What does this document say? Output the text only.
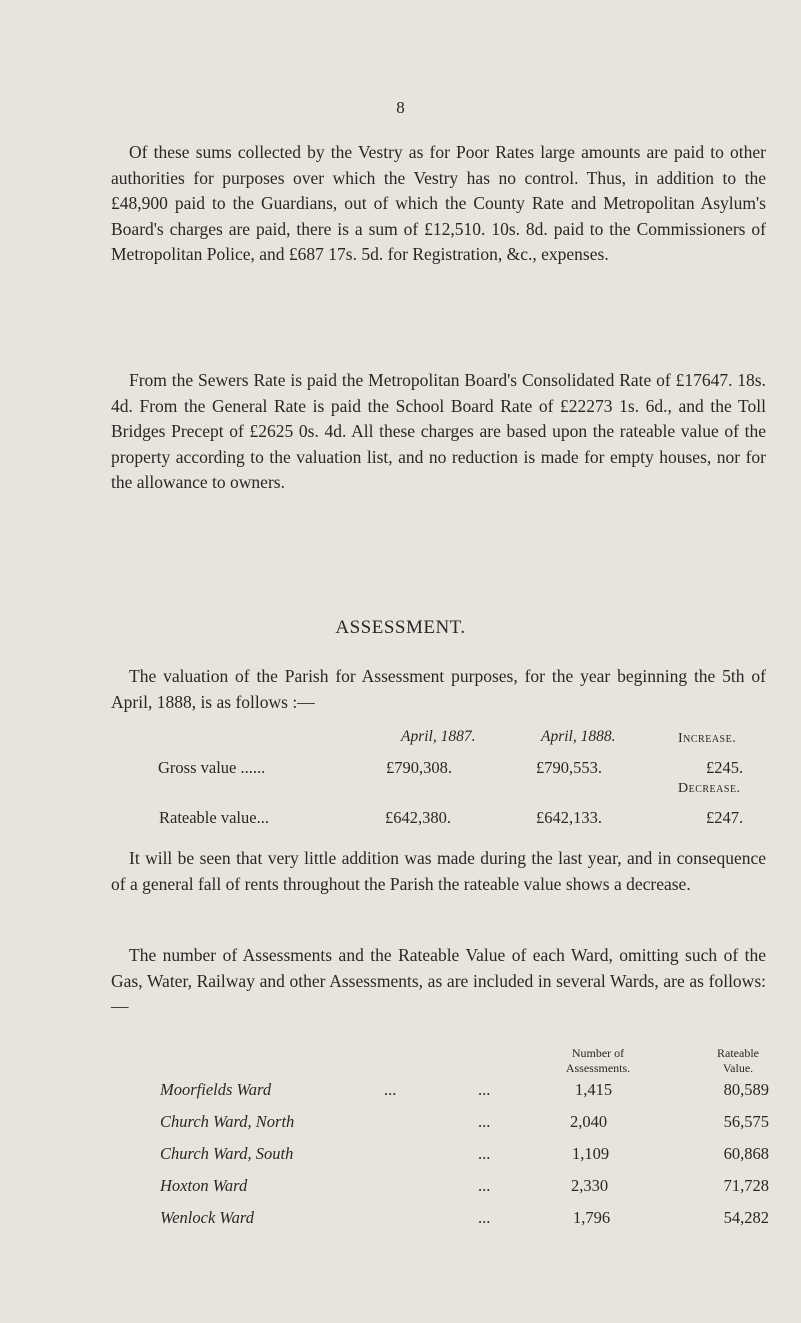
8

Of these sums collected by the Vestry as for Poor Rates large amounts are paid to other authorities for purposes over which the Vestry has no control. Thus, in addition to the £48,900 paid to the Guardians, out of which the County Rate and Metropolitan Asylum's Board's charges are paid, there is a sum of £12,510. 10s. 8d. paid to the Commissioners of Metropolitan Police, and £687 17s. 5d. for Registration, &c., expenses.

From the Sewers Rate is paid the Metropolitan Board's Consolidated Rate of £17647. 18s. 4d. From the General Rate is paid the School Board Rate of £22273 1s. 6d., and the Toll Bridges Precept of £2625 0s. 4d. All these charges are based upon the rateable value of the property according to the valuation list, and no reduction is made for empty houses, nor for the allowance to owners.

ASSESSMENT.

The valuation of the Parish for Assessment purposes, for the year beginning the 5th of April, 1888, is as follows :—

April, 1887.	April, 1888.	Increase.
Gross value ......	£790,308.	£790,553.	£245.
Decrease.
Rateable value...	£642,380.	£642,133.	£247.

It will be seen that very little addition was made during the last year, and in consequence of a general fall of rents throughout the Parish the rateable value shows a decrease.

The number of Assessments and the Rateable Value of each Ward, omitting such of the Gas, Water, Railway and other Assessments, as are included in several Wards, are as follows:—

Number of
Assessments.
Rateable
Value.
Moorfields Ward	...	...	1,415	80,589
Church Ward, North	...	2,040	56,575
Church Ward, South	...	1,109	60,868
Hoxton Ward	...	2,330	71,728
Wenlock Ward	...	1,796	54,282
